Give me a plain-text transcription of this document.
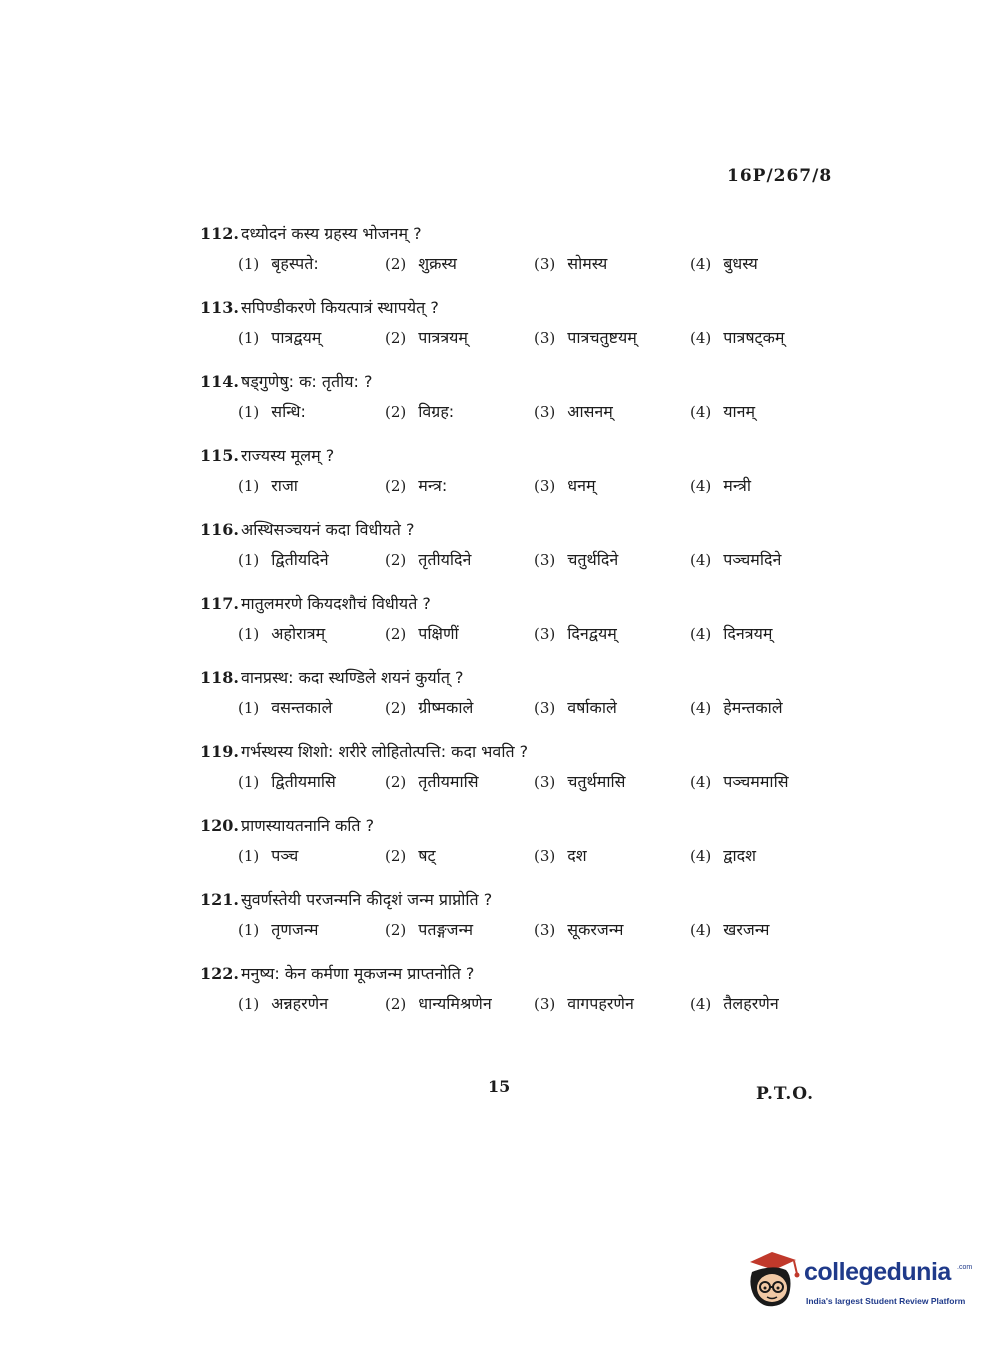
16P/267/8
112. दध्योदनं कस्य ग्रहस्य भोजनम् ?
(1) बृहस्पते:	(2) शुक्रस्य	(3) सोमस्य	(4) बुधस्य
113. सपिण्डीकरणे कियत्पात्रं स्थापयेत् ?
(1) पात्रद्वयम्	(2) पात्रत्रयम्	(3) पात्रचतुष्टयम्	(4) पात्रषट्कम्
114. षड्गुणेषु: क: तृतीय: ?
(1) सन्धि:	(2) विग्रह:	(3) आसनम्	(4) यानम्
115. राज्यस्य मूलम् ?
(1) राजा	(2) मन्त्र:	(3) धनम्	(4) मन्त्री
116. अस्थिसञ्चयनं कदा विधीयते ?
(1) द्वितीयदिने	(2) तृतीयदिने	(3) चतुर्थदिने	(4) पञ्चमदिने
117. मातुलमरणे कियदशौचं विधीयते ?
(1) अहोरात्रम्	(2) पक्षिणीं	(3) दिनद्वयम्	(4) दिनत्रयम्
118. वानप्रस्थ: कदा स्थण्डिले शयनं कुर्यात् ?
(1) वसन्तकाले	(2) ग्रीष्मकाले	(3) वर्षाकाले	(4) हेमन्तकाले
119. गर्भस्थस्य शिशो: शरीरे लोहितोत्पत्ति: कदा भवति ?
(1) द्वितीयमासि	(2) तृतीयमासि	(3) चतुर्थमासि	(4) पञ्चममासि
120. प्राणस्यायतनानि कति ?
(1) पञ्च	(2) षट्	(3) दश	(4) द्वादश
121. सुवर्णस्तेयी परजन्मनि कीदृशं जन्म प्राप्नोति ?
(1) तृणजन्म	(2) पतङ्गजन्म	(3) सूकरजन्म	(4) खरजन्म
122. मनुष्य: केन कर्मणा मूकजन्म प्राप्तनोति ?
(1) अन्नहरणेन	(2) धान्यमिश्रणेन	(3) वागपहरणेन	(4) तैलहरणेन
15	P.T.O.
collegedunia .com
India's largest Student Review Platform
